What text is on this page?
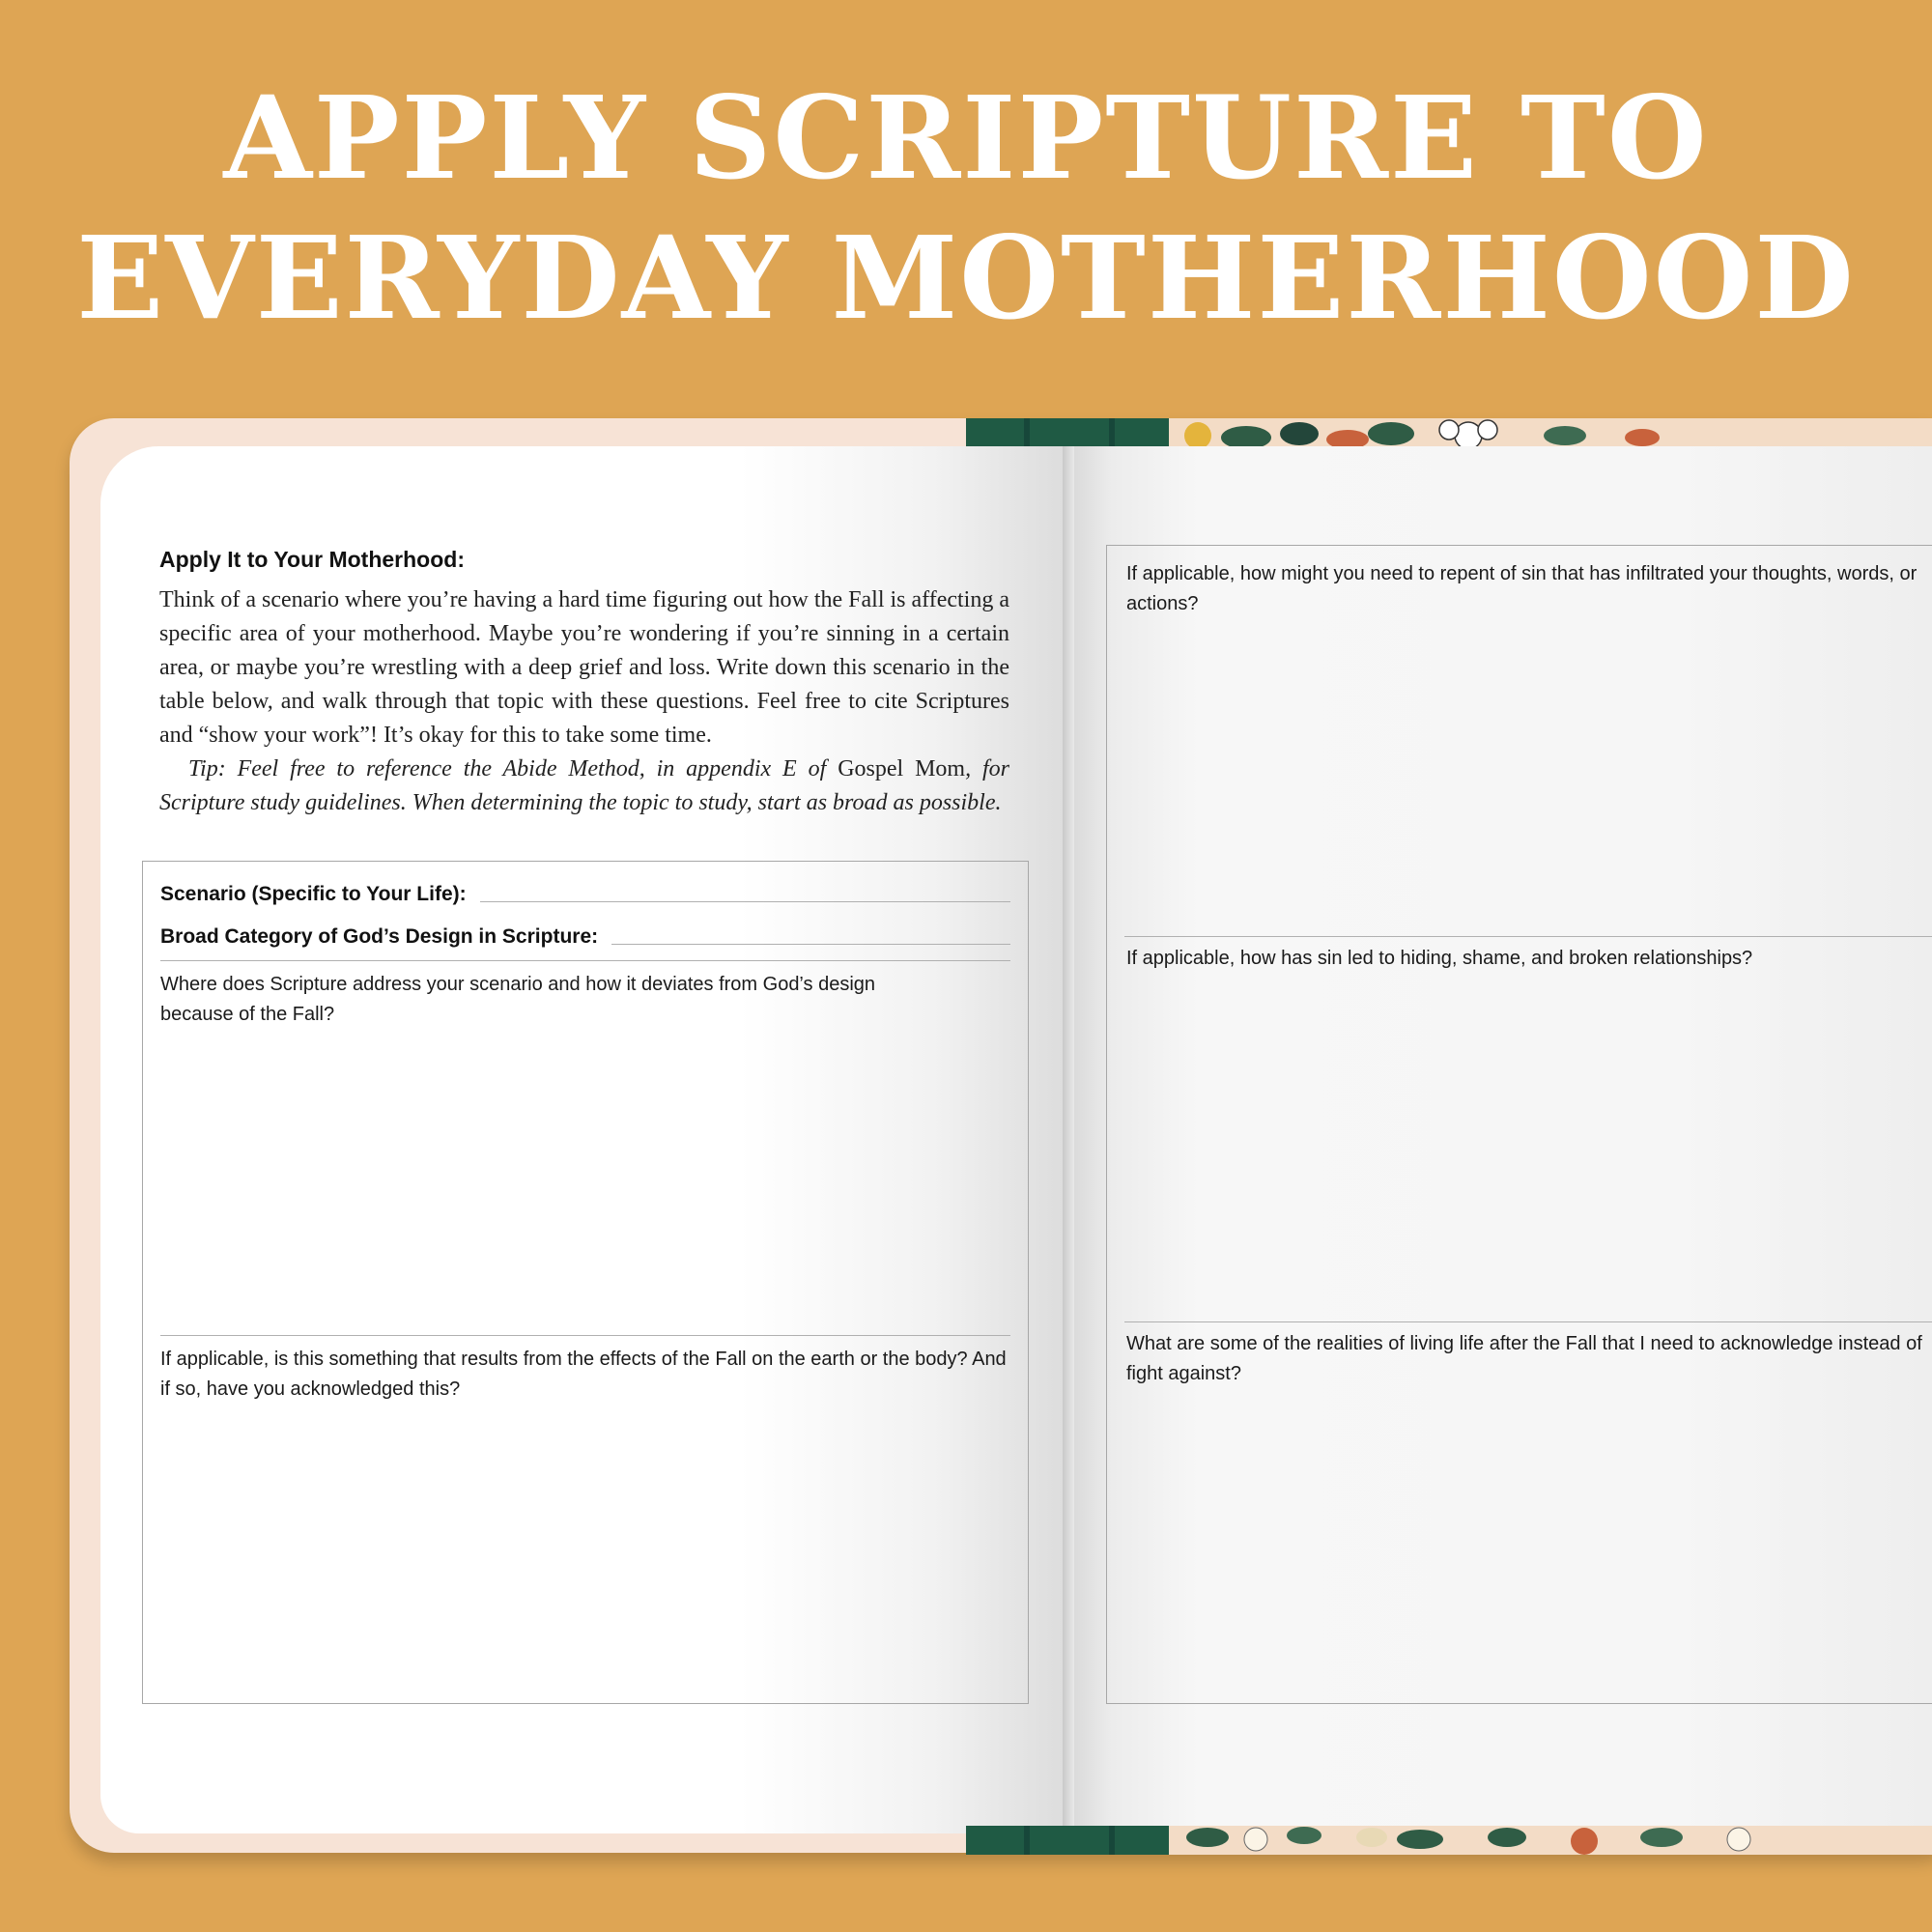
APPLY SCRIPTURE TO
EVERYDAY MOTHERHOOD
Apply It to Your Motherhood:
Think of a scenario where you’re having a hard time figuring out how the Fall is affecting a specific area of your motherhood. Maybe you’re wondering if you’re sinning in a certain area, or maybe you’re wrestling with a deep grief and loss. Write down this scenario in the table below, and walk through that topic with these questions. Feel free to cite Scriptures and “show your work”! It’s okay for this to take some time.
Tip: Feel free to reference the Abide Method, in appendix E of Gospel Mom, for Scripture study guidelines. When determining the topic to study, start as broad as possible.
Scenario (Specific to Your Life):
Broad Category of God’s Design in Scripture:
Where does Scripture address your scenario and how it deviates from God’s design because of the Fall?
If applicable, is this something that results from the effects of the Fall on the earth or the body? And if so, have you acknowledged this?
If applicable, how might you need to repent of sin that has infiltrated your thoughts, words, or actions?
If applicable, how has sin led to hiding, shame, and broken relationships?
What are some of the realities of living life after the Fall that I need to acknowledge instead of fight against?
